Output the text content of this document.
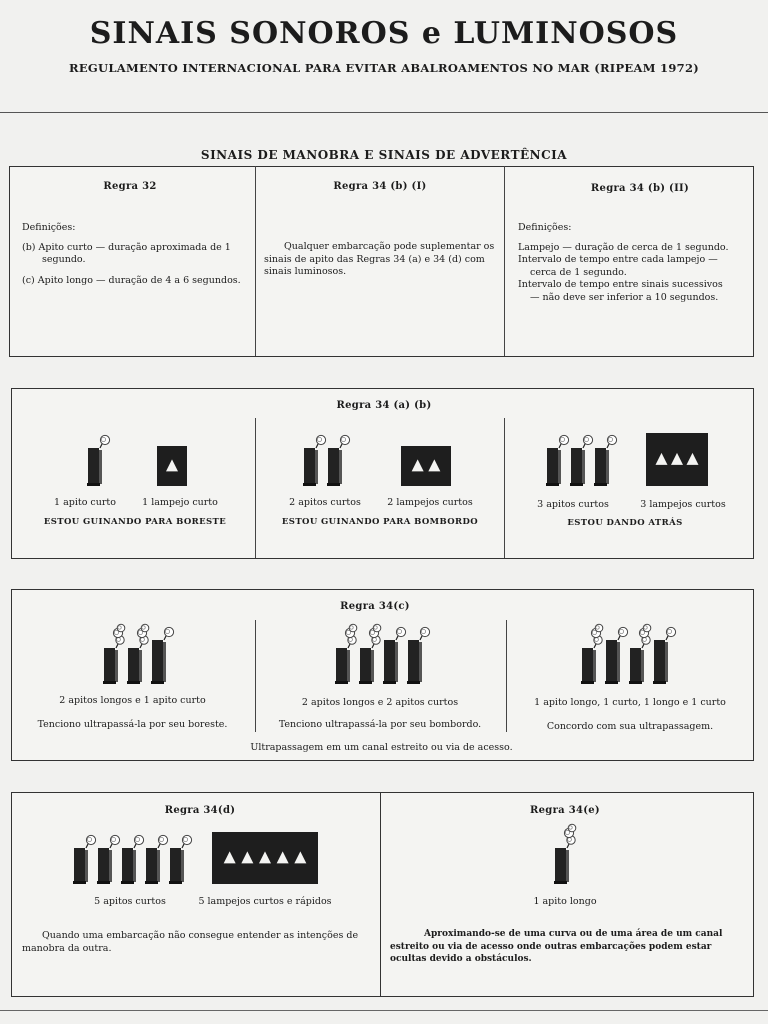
SINAIS SONOROS e LUMINOSOS
REGULAMENTO INTERNACIONAL PARA EVITAR ABALROAMENTOS NO MAR (RIPEAM 1972)
SINAIS DE MANOBRA E SINAIS DE ADVERTÊNCIA
Regra 32

Definições:

(b) Apito curto — duração aproximada de 1 segundo.

(c) Apito longo — duração de 4 a 6 segundos.

Regra 34 (b) (I)

Qualquer embarcação pode suplementar os sinais de apito das Regras 34 (a) e 34 (d) com sinais luminosos.

Regra 34 (b) (II)

Definições:

Lampejo — duração de cerca de 1 segundo.

Intervalo de tempo entre cada lampejo — cerca de 1 segundo.

Intervalo de tempo entre sinais sucessivos — não deve ser inferior a 10 segundos.

Regra 34 (a) (b)
1 apito curto	1 lampejo curto
ESTOU GUINANDO PARA BORESTE
2 apitos curtos	2 lampejos curtos
ESTOU GUINANDO PARA BOMBORDO
3 apitos curtos	3 lampejos curtos
ESTOU DANDO ATRÁS
Regra 34(c)
2 apitos longos e 1 apito curto
Tenciono ultrapassá-la por seu boreste.
2 apitos longos e 2 apitos curtos
Tenciono ultrapassá-la por seu bombordo.
1 apito longo, 1 curto, 1 longo e 1 curto
Concordo com sua ultrapassagem.
Ultrapassagem em um canal estreito ou via de acesso.
Regra 34(d)
5 apitos curtos	5 lampejos curtos e rápidos
Quando uma embarcação não consegue entender as intenções de manobra da outra.
Regra 34(e)
1 apito longo
Aproximando-se de uma curva ou de uma área de um canal estreito ou via de acesso onde outras embarcações podem estar ocultas devido a obstáculos.
